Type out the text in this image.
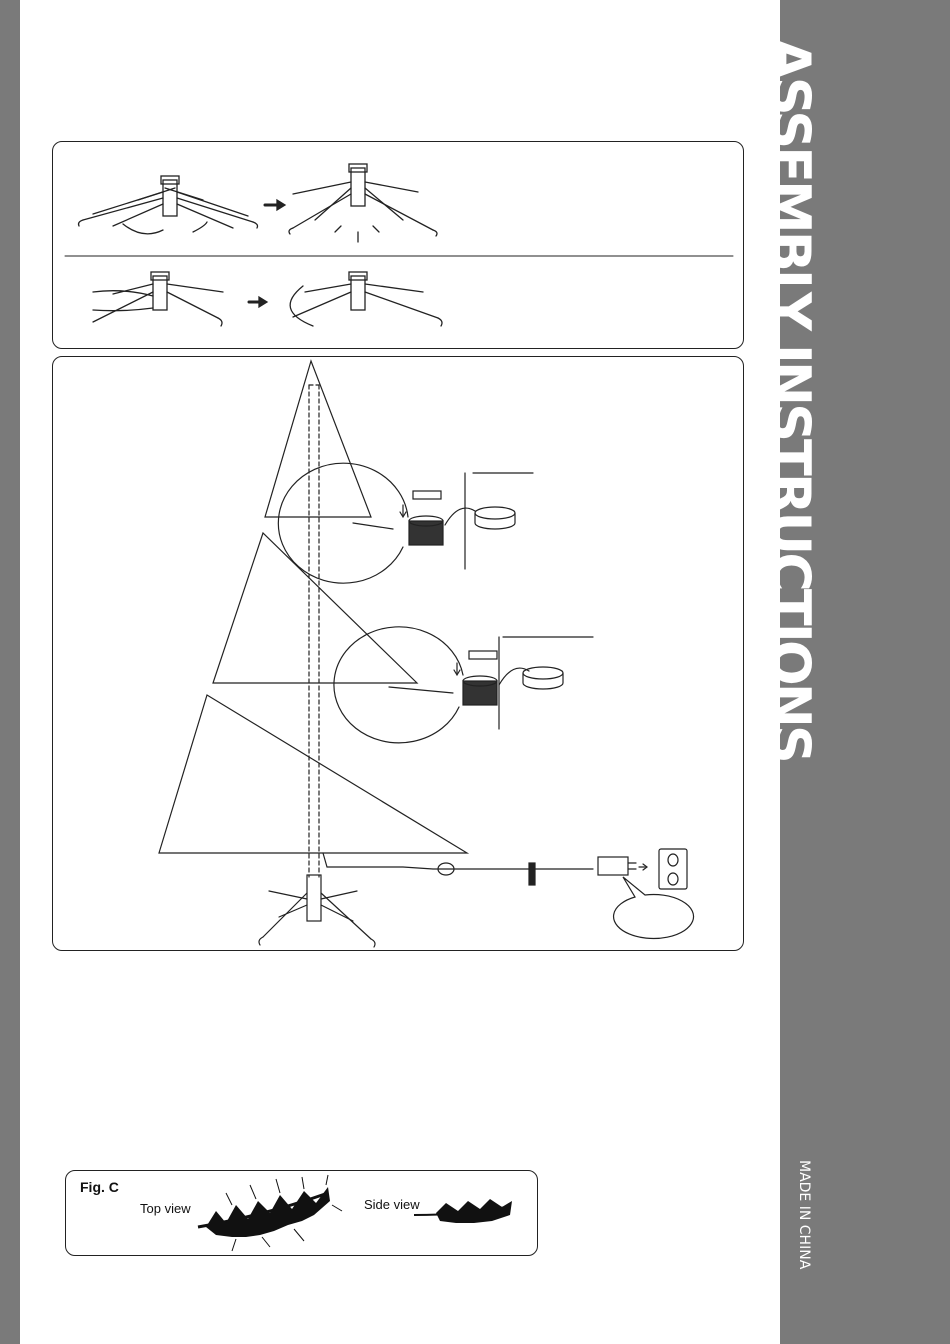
ASSEMBLY INSTRUCTIONS
MADE IN CHINA
Fig. C
Top view	Side view
